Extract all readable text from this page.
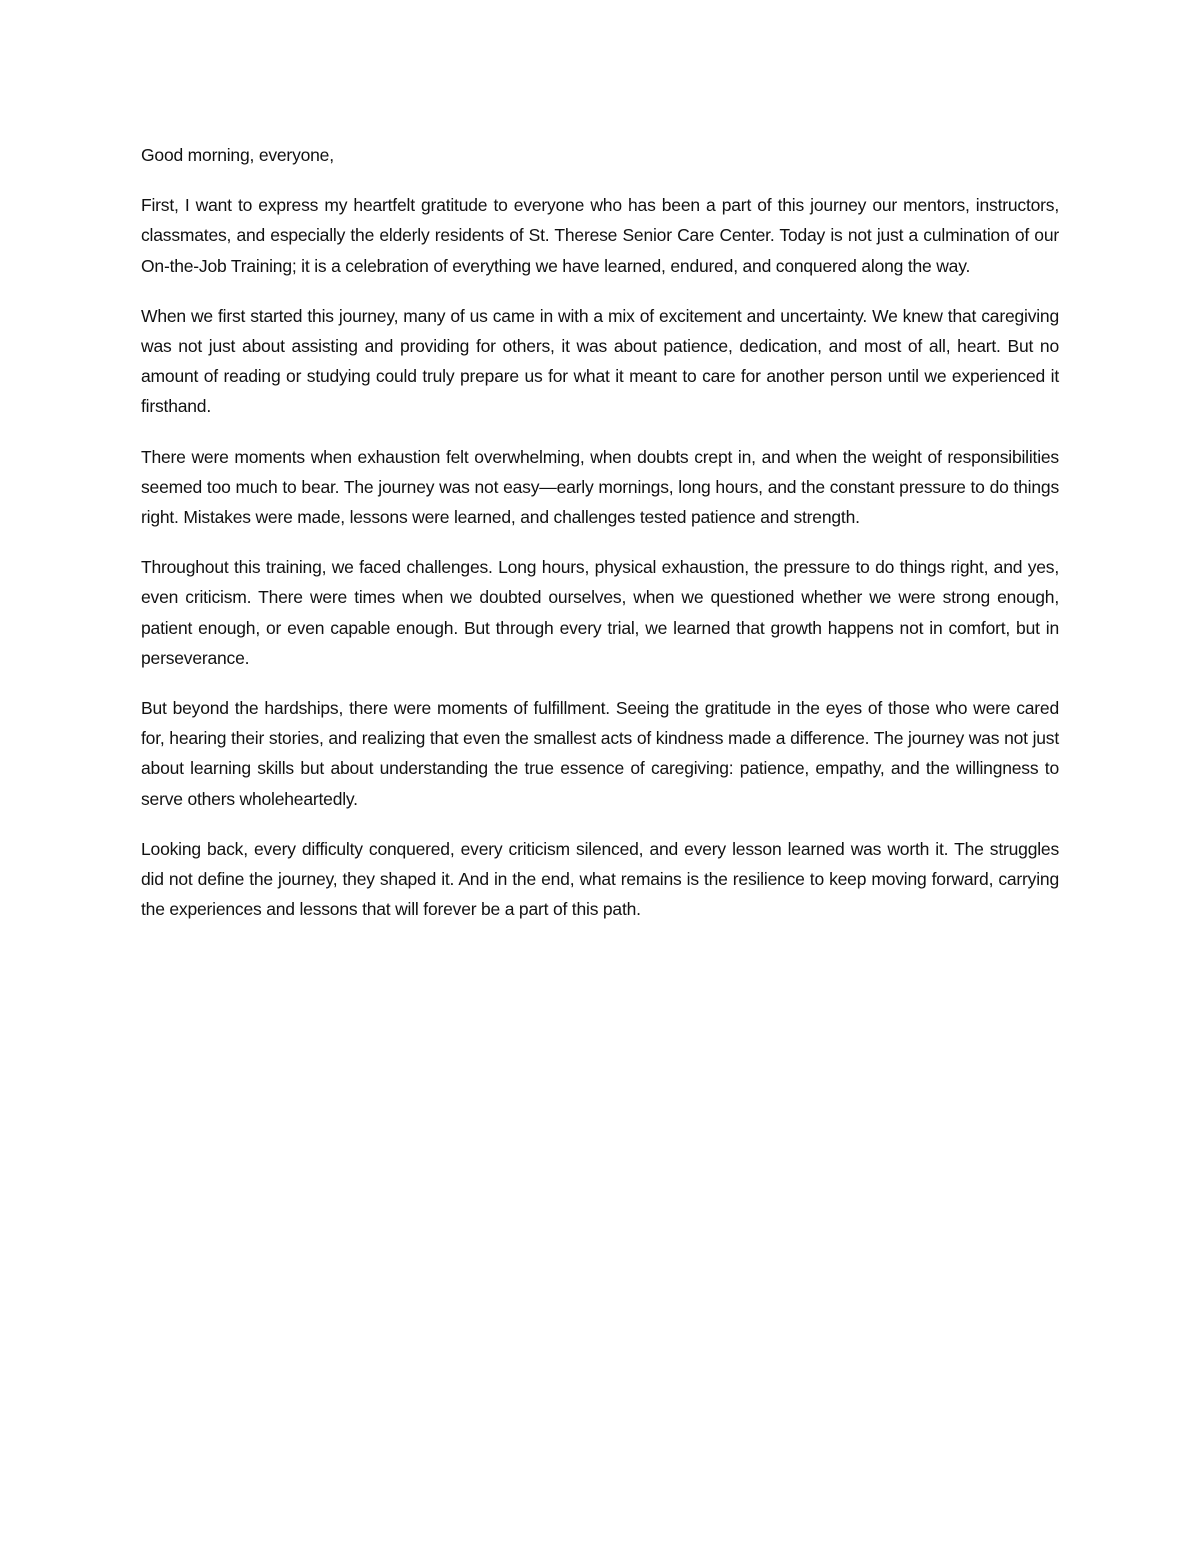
Good morning, everyone,

First, I want to express my heartfelt gratitude to everyone who has been a part of this journey our mentors, instructors, classmates, and especially the elderly residents of St. Therese Senior Care Center. Today is not just a culmination of our On-the-Job Training; it is a celebration of everything we have learned, endured, and conquered along the way.

When we first started this journey, many of us came in with a mix of excitement and uncertainty. We knew that caregiving was not just about assisting and providing for others, it was about patience, dedication, and most of all, heart. But no amount of reading or studying could truly prepare us for what it meant to care for another person until we experienced it firsthand.

There were moments when exhaustion felt overwhelming, when doubts crept in, and when the weight of responsibilities seemed too much to bear. The journey was not easy—early mornings, long hours, and the constant pressure to do things right. Mistakes were made, lessons were learned, and challenges tested patience and strength.

Throughout this training, we faced challenges. Long hours, physical exhaustion, the pressure to do things right, and yes, even criticism. There were times when we doubted ourselves, when we questioned whether we were strong enough, patient enough, or even capable enough. But through every trial, we learned that growth happens not in comfort, but in perseverance.

But beyond the hardships, there were moments of fulfillment. Seeing the gratitude in the eyes of those who were cared for, hearing their stories, and realizing that even the smallest acts of kindness made a difference. The journey was not just about learning skills but about understanding the true essence of caregiving: patience, empathy, and the willingness to serve others wholeheartedly.

Looking back, every difficulty conquered, every criticism silenced, and every lesson learned was worth it. The struggles did not define the journey, they shaped it. And in the end, what remains is the resilience to keep moving forward, carrying the experiences and lessons that will forever be a part of this path.
